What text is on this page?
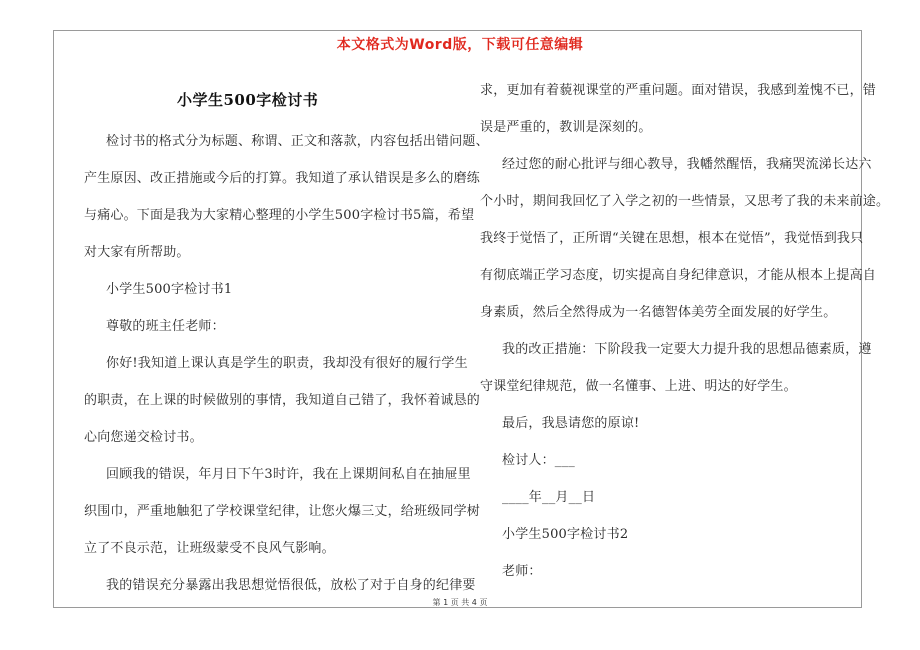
本文格式为Word版，下载可任意编辑
小学生500字检讨书
检讨书的格式分为标题、称谓、正文和落款，内容包括出错问题、
产生原因、改正措施或今后的打算。我知道了承认错误是多么的磨练
与痛心。下面是我为大家精心整理的小学生500字检讨书5篇，希望
对大家有所帮助。
小学生500字检讨书1
尊敬的班主任老师：
你好!我知道上课认真是学生的职责，我却没有很好的履行学生
的职责，在上课的时候做别的事情，我知道自己错了，我怀着诚恳的
心向您递交检讨书。
回顾我的错误，年月日下午3时许，我在上课期间私自在抽屉里
织围巾，严重地触犯了学校课堂纪律，让您火爆三丈，给班级同学树
立了不良示范，让班级蒙受不良风气影响。
我的错误充分暴露出我思想觉悟很低，放松了对于自身的纪律要
求，更加有着藐视课堂的严重问题。面对错误，我感到羞愧不已，错
误是严重的，教训是深刻的。
经过您的耐心批评与细心教导，我幡然醒悟，我痛哭流涕长达六
个小时，期间我回忆了入学之初的一些情景，又思考了我的未来前途。
我终于觉悟了，正所谓“关键在思想，根本在觉悟”，我觉悟到我只
有彻底端正学习态度，切实提高自身纪律意识，才能从根本上提高自
身素质，然后全然得成为一名德智体美劳全面发展的好学生。
我的改正措施：下阶段我一定要大力提升我的思想品德素质，遵
守课堂纪律规范，做一名懂事、上进、明达的好学生。
最后，我恳请您的原谅!
检讨人：___
____年__月__日
小学生500字检讨书2
老师：
第 1 页 共 4 页
